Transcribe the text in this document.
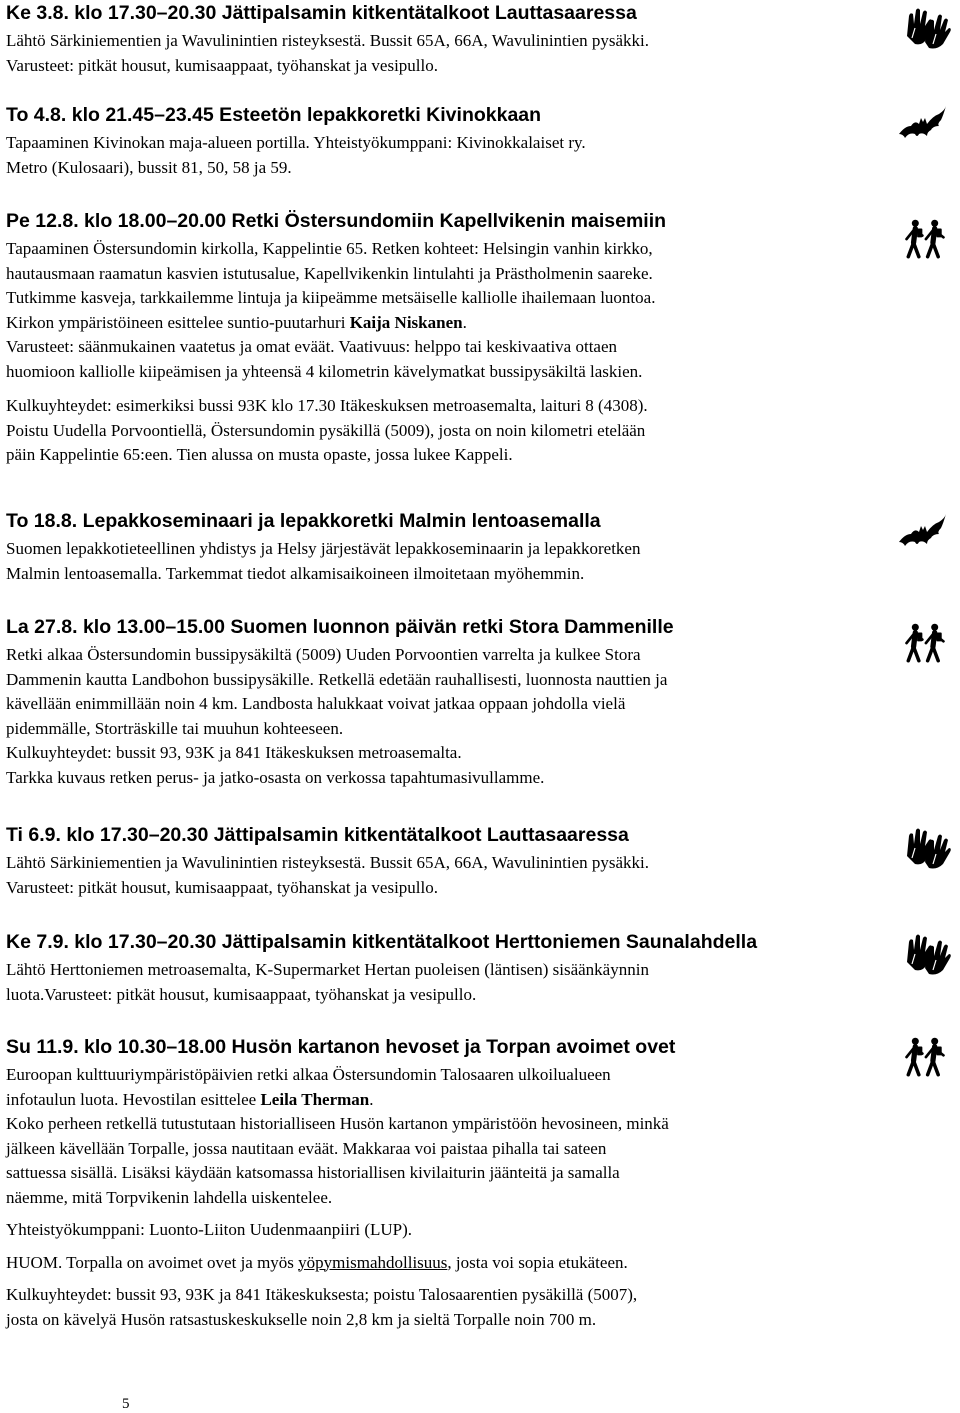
Ke 3.8. klo 17.30–20.30 Jättipalsamin kitkentätalkoot Lauttasaaressa
Lähtö Särkiniementien ja Wavulinintien risteyksestä. Bussit 65A, 66A, Wavulinintien pysäkki.
Varusteet: pitkät housut, kumisaappaat, työhanskat ja vesipullo.
To 4.8. klo 21.45–23.45 Esteetön lepakkoretki Kivinokkaan
Tapaaminen Kivinokan maja-alueen portilla. Yhteistyökumppani: Kivinokkalaiset ry.
Metro (Kulosaari), bussit 81, 50, 58 ja 59.
Pe 12.8. klo 18.00–20.00 Retki Östersundomiin Kapellvikenin maisemiin
Tapaaminen Östersundomin kirkolla, Kappelintie 65. Retken kohteet: Helsingin vanhin kirkko,
hautausmaan raamatun kasvien istutusalue, Kapellvikenkin lintulahti ja Prästholmenin saareke.
Tutkimme kasveja, tarkkailemme lintuja ja kiipeämme metsäiselle kalliolle ihailemaan luontoa.
Kirkon ympäristöineen esittelee suntio-puutarhuri Kaija Niskanen.
Varusteet: säänmukainen vaatetus ja omat eväät. Vaativuus: helppo tai keskivaativa ottaen
huomioon kalliolle kiipeämisen ja yhteensä 4 kilometrin kävelymatkat bussipysäkiltä laskien.
Kulkuyhteydet: esimerkiksi bussi 93K klo 17.30 Itäkeskuksen metroasemalta, laituri 8 (4308).
Poistu Uudella Porvoontiellä, Östersundomin pysäkillä (5009), josta on noin kilometri etelään
päin Kappelintie 65:een. Tien alussa on musta opaste, jossa lukee Kappeli.
To 18.8. Lepakkoseminaari ja lepakkoretki Malmin lentoasemalla
Suomen lepakkotieteellinen yhdistys ja Helsy järjestävät lepakkoseminaarin ja lepakkoretken
Malmin lentoasemalla. Tarkemmat tiedot alkamisaikoineen ilmoitetaan myöhemmin.
La 27.8. klo 13.00–15.00 Suomen luonnon päivän retki Stora Dammenille
Retki alkaa Östersundomin bussipysäkiltä (5009) Uuden Porvoontien varrelta ja kulkee Stora
Dammenin kautta Landbohon bussipysäkille. Retkellä edetään rauhallisesti, luonnosta nauttien ja
kävellään enimmillään noin 4 km. Landbosta halukkaat voivat jatkaa oppaan johdolla vielä
pidemmälle, Storträskille tai muuhun kohteeseen.
Kulkuyhteydet: bussit 93, 93K ja 841 Itäkeskuksen metroasemalta.
Tarkka kuvaus retken perus- ja jatko-osasta on verkossa tapahtumasivullamme.
Ti 6.9. klo 17.30–20.30 Jättipalsamin kitkentätalkoot Lauttasaaressa
Lähtö Särkiniementien ja Wavulinintien risteyksestä. Bussit 65A, 66A, Wavulinintien pysäkki.
Varusteet: pitkät housut, kumisaappaat, työhanskat ja vesipullo.
Ke 7.9. klo 17.30–20.30 Jättipalsamin kitkentätalkoot Herttoniemen Saunalahdella
Lähtö Herttoniemen metroasemalta, K-Supermarket Hertan puoleisen (läntisen) sisäänkäynnin
luota.Varusteet: pitkät housut, kumisaappaat, työhanskat ja vesipullo.
Su 11.9. klo 10.30–18.00 Husön kartanon hevoset ja Torpan avoimet ovet
Euroopan kulttuuriympäristöpäivien retki alkaa Östersundomin Talosaaren ulkoilualueen
infotaulun luota. Hevostilan esittelee Leila Therman.
Koko perheen retkellä tutustutaan historialliseen Husön kartanon ympäristöön hevosineen, minkä
jälkeen kävellään Torpalle, jossa nautitaan eväät. Makkaraa voi paistaa pihalla tai sateen
sattuessa sisällä. Lisäksi käydään katsomassa historiallisen kivilaiturin jäänteitä ja samalla
näemme, mitä Torpvikenin lahdella uiskentelee.
Yhteistyökumppani: Luonto-Liiton Uudenmaanpiiri (LUP).
HUOM. Torpalla on avoimet ovet ja myös yöpymismahdollisuus, josta voi sopia etukäteen.
Kulkuyhteydet: bussit 93, 93K ja 841 Itäkeskuksesta; poistu Talosaarentien pysäkillä (5007),
josta on kävelyä Husön ratsastuskeskukselle noin 2,8 km ja sieltä Torpalle noin 700 m.
5
